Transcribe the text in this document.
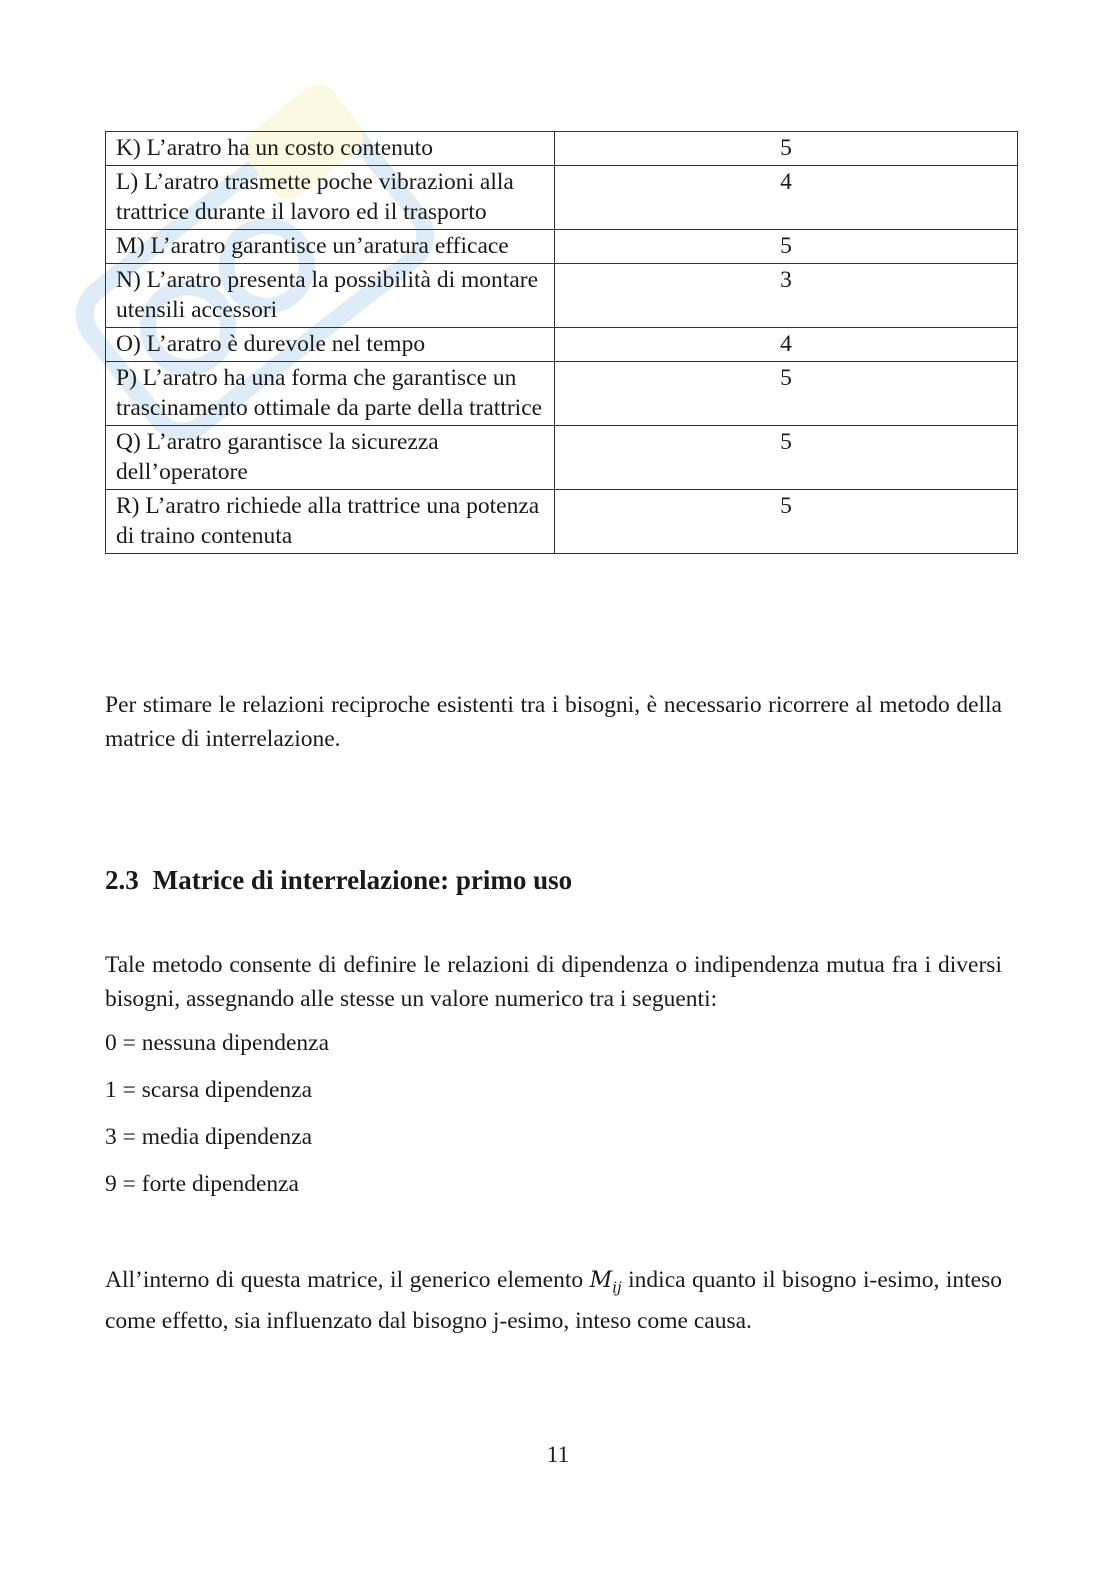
K) L’aratro ha un costo contenuto	5
L) L’aratro trasmette poche vibrazioni alla trattrice durante il lavoro ed il trasporto	4
M) L’aratro garantisce un’aratura efficace	5
N) L’aratro presenta la possibilità di montare utensili accessori	3
O) L’aratro è durevole nel tempo	4
P) L’aratro ha una forma che garantisce un trascinamento ottimale da parte della trattrice	5
Q) L’aratro garantisce la sicurezza dell’operatore	5
R) L’aratro richiede alla trattrice una potenza di traino contenuta	5

Per stimare le relazioni reciproche esistenti tra i bisogni, è necessario ricorrere al metodo della matrice di interrelazione.

2.3 Matrice di interrelazione: primo uso

Tale metodo consente di definire le relazioni di dipendenza o indipendenza mutua fra i diversi bisogni, assegnando alle stesse un valore numerico tra i seguenti:

0 = nessuna dipendenza

1 = scarsa dipendenza

3 = media dipendenza

9 = forte dipendenza

All’interno di questa matrice, il generico elemento $M_{ij}$ indica quanto il bisogno i-esimo, inteso come effetto, sia influenzato dal bisogno j-esimo, inteso come causa.

11
